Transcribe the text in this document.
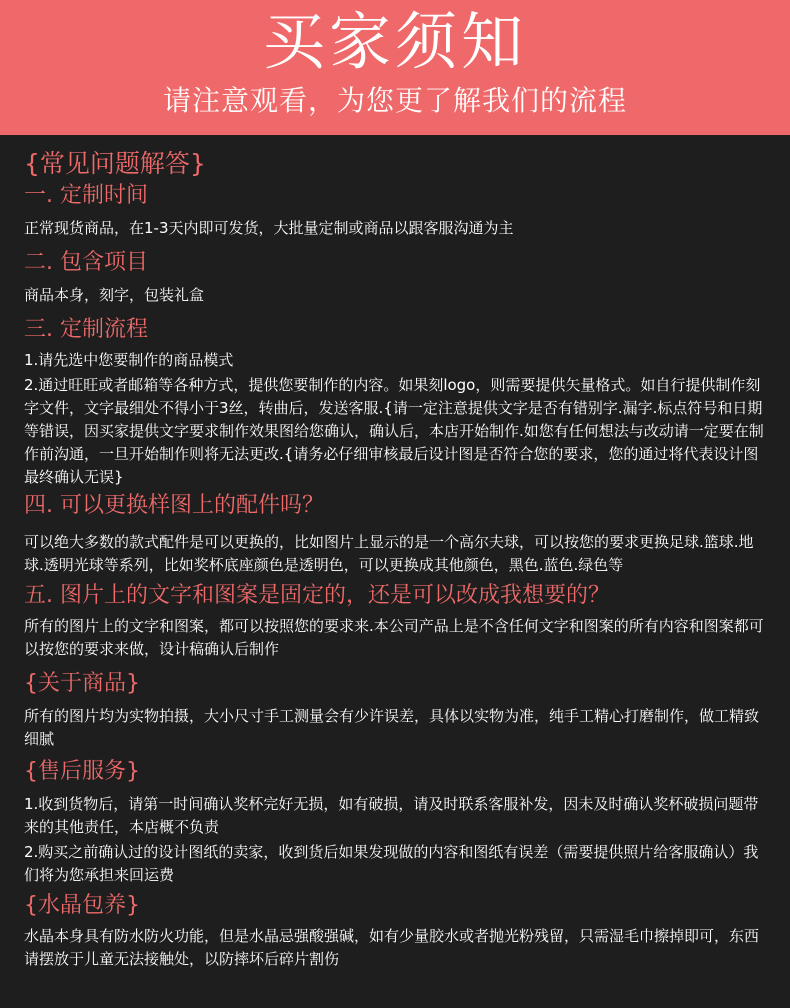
买家须知
请注意观看，为您更了解我们的流程
{常见问题解答}
一. 定制时间
正常现货商品，在1-3天内即可发货，大批量定制或商品以跟客服沟通为主
二. 包含项目
商品本身，刻字，包装礼盒
三. 定制流程
1.请先选中您要制作的商品模式
2.通过旺旺或者邮箱等各种方式，提供您要制作的内容。如果刻logo，则需要提供矢量格式。如自行提供制作刻字文件，文字最细处不得小于3丝，转曲后，发送客服.{请一定注意提供文字是否有错别字.漏字.标点符号和日期等错误，因买家提供文字要求制作效果图给您确认，确认后，本店开始制作.如您有任何想法与改动请一定要在制作前沟通，一旦开始制作则将无法更改.{请务必仔细审核最后设计图是否符合您的要求，您的通过将代表设计图最终确认无误}
四. 可以更换样图上的配件吗？
可以绝大多数的款式配件是可以更换的，比如图片上显示的是一个高尔夫球，可以按您的要求更换足球.篮球.地球.透明光球等系列，比如奖杯底座颜色是透明色，可以更换成其他颜色，黑色.蓝色.绿色等
五. 图片上的文字和图案是固定的，还是可以改成我想要的？
所有的图片上的文字和图案，都可以按照您的要求来.本公司产品上是不含任何文字和图案的所有内容和图案都可以按您的要求来做，设计稿确认后制作
{关于商品}
所有的图片均为实物拍摄，大小尺寸手工测量会有少许误差，具体以实物为准，纯手工精心打磨制作，做工精致细腻
{售后服务}
1.收到货物后，请第一时间确认奖杯完好无损，如有破损，请及时联系客服补发，因未及时确认奖杯破损问题带来的其他责任，本店概不负责
2.购买之前确认过的设计图纸的卖家，收到货后如果发现做的内容和图纸有误差（需要提供照片给客服确认）我们将为您承担来回运费
{水晶包养}
水晶本身具有防水防火功能，但是水晶忌强酸强碱，如有少量胶水或者抛光粉残留，只需湿毛巾擦掉即可，东西请摆放于儿童无法接触处，以防摔坏后碎片割伤
